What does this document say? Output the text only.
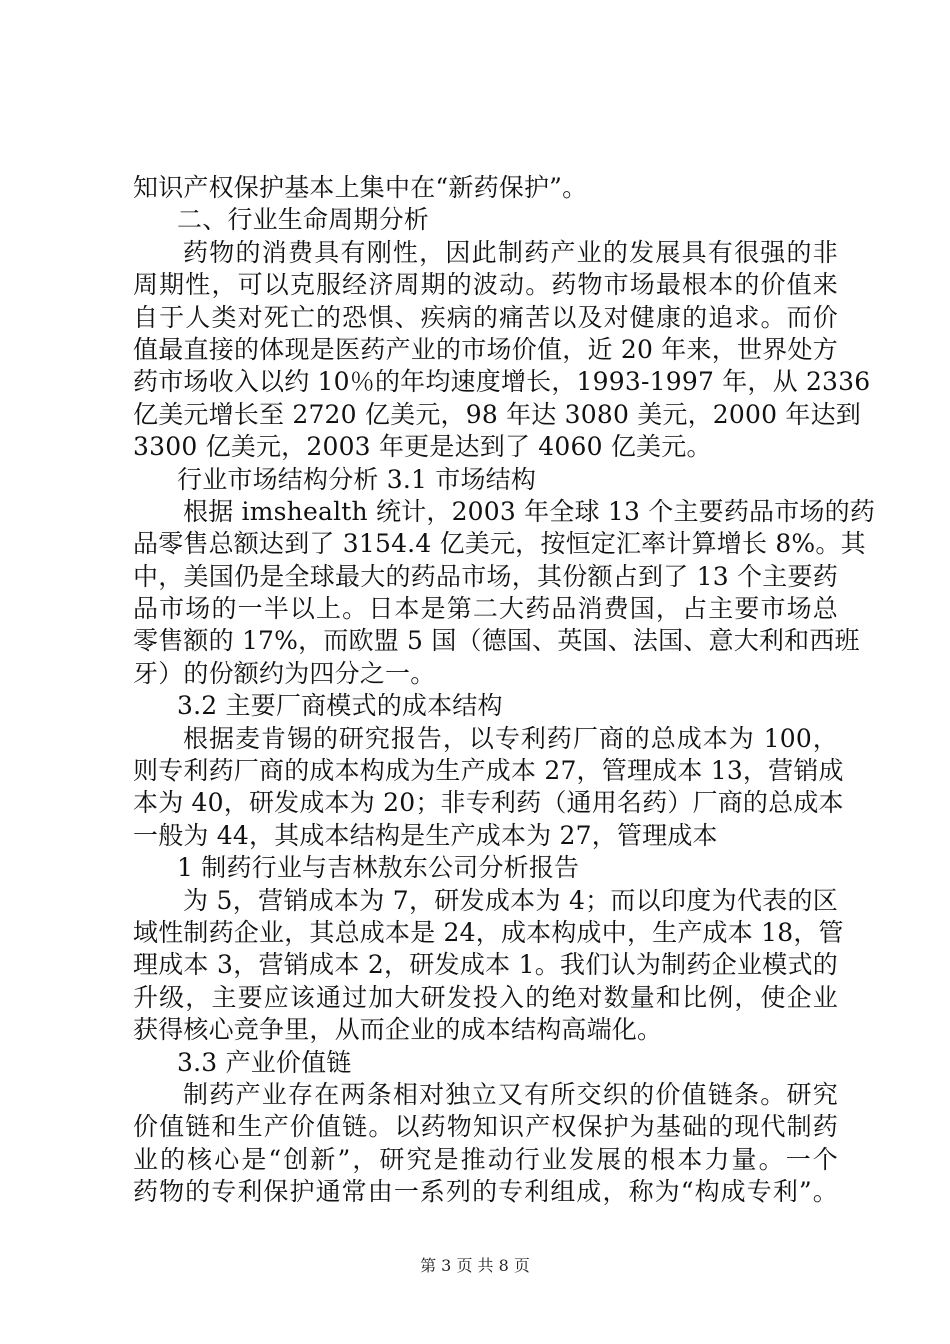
知识产权保护基本上集中在“新药保护”。
二、行业生命周期分析
药物的消费具有刚性，因此制药产业的发展具有很强的非
周期性，可以克服经济周期的波动。药物市场最根本的价值来
自于人类对死亡的恐惧、疾病的痛苦以及对健康的追求。而价
值最直接的体现是医药产业的市场价值，近 20 年来，世界处方
药市场收入以约 10％的年均速度增长，1993-1997 年，从 2336
亿美元增长至 2720 亿美元，98 年达 3080 美元，2000 年达到
3300 亿美元，2003 年更是达到了 4060 亿美元。
行业市场结构分析 3.1 市场结构
根据 imshealth 统计，2003 年全球 13 个主要药品市场的药
品零售总额达到了 3154.4 亿美元，按恒定汇率计算增长 8%。其
中，美国仍是全球最大的药品市场，其份额占到了 13 个主要药
品市场的一半以上。日本是第二大药品消费国，占主要市场总
零售额的 17%，而欧盟 5 国（德国、英国、法国、意大利和西班
牙）的份额约为四分之一。
3.2 主要厂商模式的成本结构
根据麦肯锡的研究报告，以专利药厂商的总成本为 100，
则专利药厂商的成本构成为生产成本 27，管理成本 13，营销成
本为 40，研发成本为 20；非专利药（通用名药）厂商的总成本
一般为 44，其成本结构是生产成本为 27，管理成本
1 制药行业与吉林敖东公司分析报告
为 5，营销成本为 7，研发成本为 4；而以印度为代表的区
域性制药企业，其总成本是 24，成本构成中，生产成本 18，管
理成本 3，营销成本 2，研发成本 1。我们认为制药企业模式的
升级，主要应该通过加大研发投入的绝对数量和比例，使企业
获得核心竞争里，从而企业的成本结构高端化。
3.3 产业价值链
制药产业存在两条相对独立又有所交织的价值链条。研究
价值链和生产价值链。以药物知识产权保护为基础的现代制药
业的核心是“创新”，研究是推动行业发展的根本力量。一个
药物的专利保护通常由一系列的专利组成，称为“构成专利”。
第 3 页 共 8 页
